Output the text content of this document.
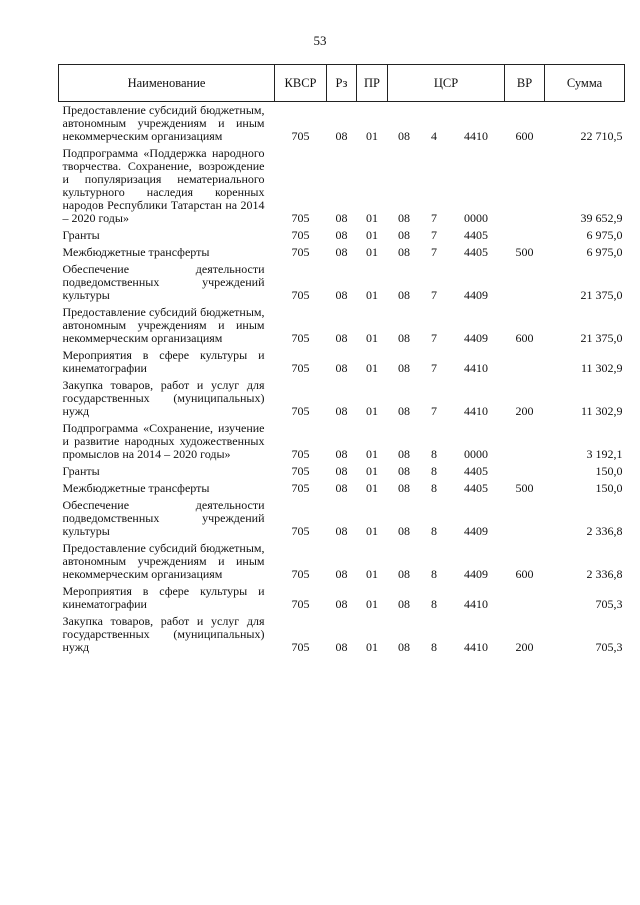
53
Наименование	КВСР	Рз	ПР	ЦСР			ВР	Сумма
Предоставление субсидий бюджетным, автономным учреждениям и иным некоммерческим организациям	705	08	01	08	4	4410	600	22 710,5
Подпрограмма «Поддержка народного творчества. Сохранение, возрождение и популяризация нематериального культурного наследия коренных народов Республики Татарстан на 2014 – 2020 годы»	705	08	01	08	7	0000		39 652,9
Гранты	705	08	01	08	7	4405		6 975,0
Межбюджетные трансферты	705	08	01	08	7	4405	500	6 975,0
Обеспечение деятельности подведомственных учреждений культуры	705	08	01	08	7	4409		21 375,0
Предоставление субсидий бюджетным, автономным учреждениям и иным некоммерческим организациям	705	08	01	08	7	4409	600	21 375,0
Мероприятия в сфере культуры и кинематографии	705	08	01	08	7	4410		11 302,9
Закупка товаров, работ и услуг для государственных (муниципальных) нужд	705	08	01	08	7	4410	200	11 302,9
Подпрограмма «Сохранение, изучение и развитие народных художественных промыслов на 2014 – 2020 годы»	705	08	01	08	8	0000		3 192,1
Гранты	705	08	01	08	8	4405		150,0
Межбюджетные трансферты	705	08	01	08	8	4405	500	150,0
Обеспечение деятельности подведомственных учреждений культуры	705	08	01	08	8	4409		2 336,8
Предоставление субсидий бюджетным, автономным учреждениям и иным некоммерческим организациям	705	08	01	08	8	4409	600	2 336,8
Мероприятия в сфере культуры и кинематографии	705	08	01	08	8	4410		705,3
Закупка товаров, работ и услуг для государственных (муниципальных) нужд	705	08	01	08	8	4410	200	705,3
